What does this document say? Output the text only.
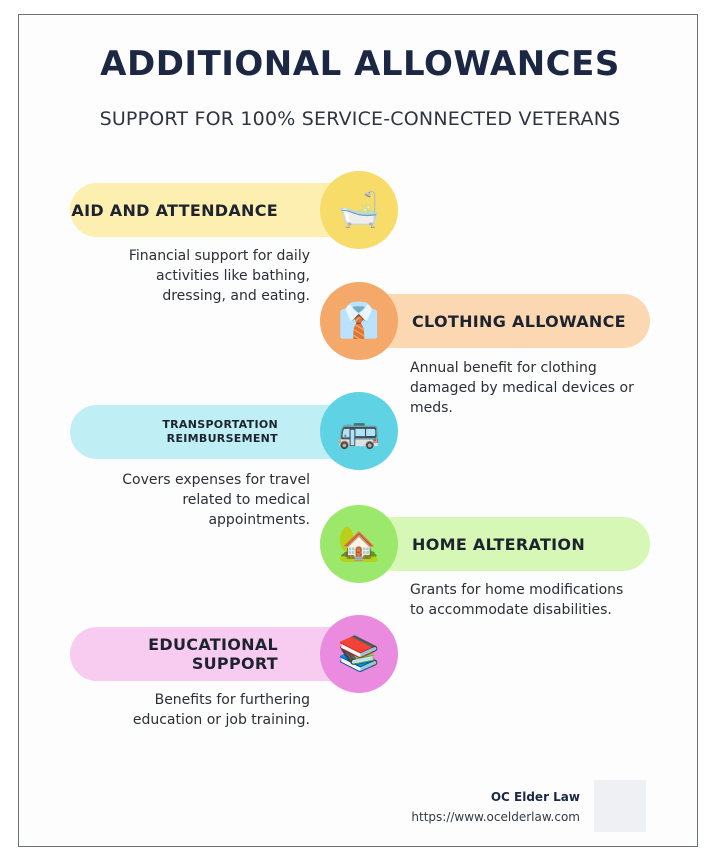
ADDITIONAL ALLOWANCES
SUPPORT FOR 100% SERVICE-CONNECTED VETERANS
AID AND ATTENDANCE 🛁
Financial support for daily activities like bathing, dressing, and eating.
CLOTHING ALLOWANCE
👔
Annual benefit for clothing damaged by medical devices or meds.
TRANSPORTATION REIMBURSEMENT 🚌
Covers expenses for travel related to medical appointments.
HOME ALTERATION
🏡
Grants for home modifications to accommodate disabilities.
EDUCATIONAL SUPPORT 📚
Benefits for furthering education or job training.
OC Elder Law
https://www.ocelderlaw.com
